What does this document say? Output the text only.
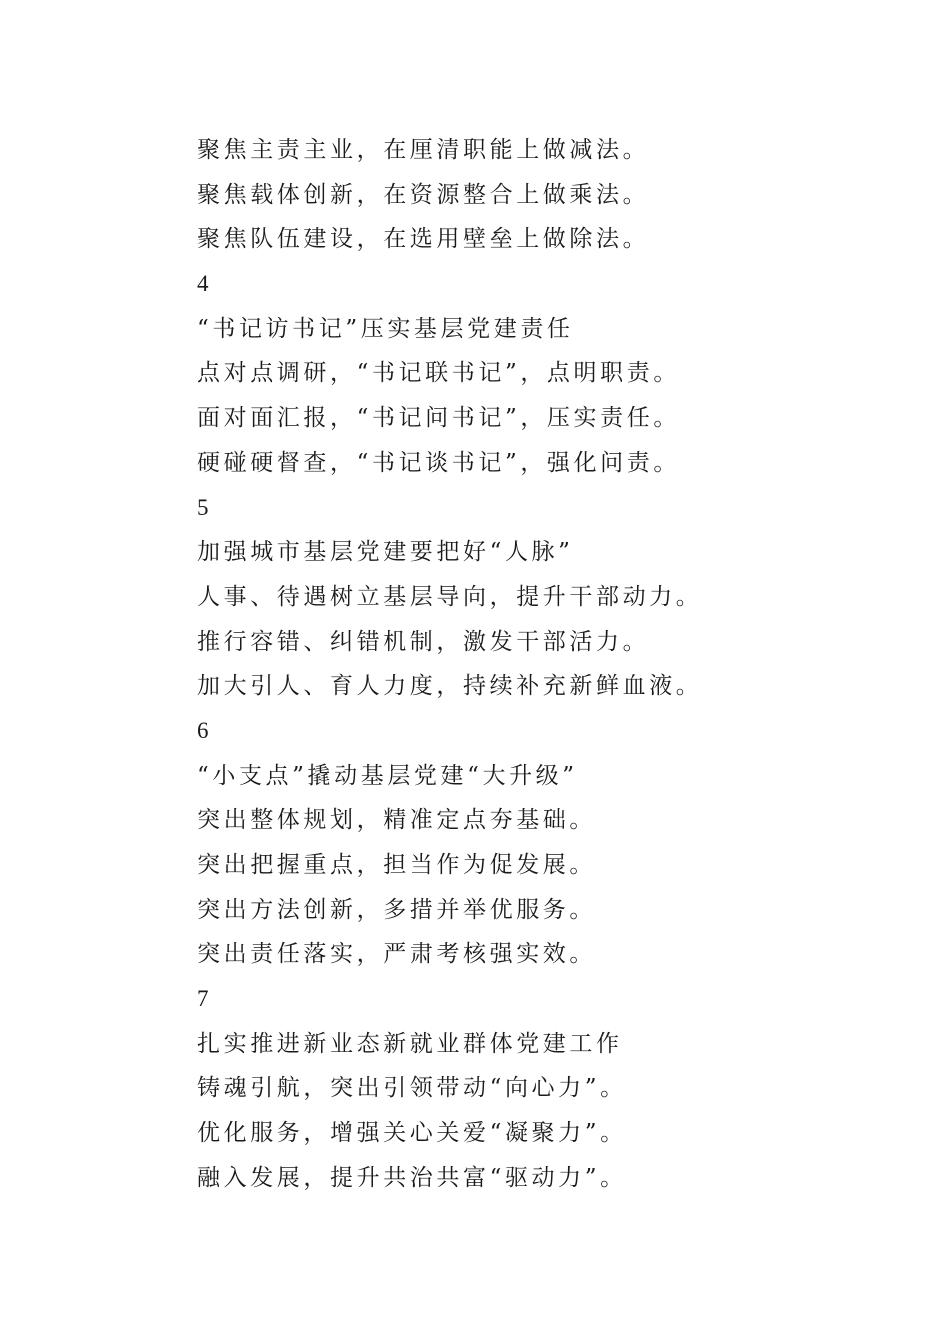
聚焦主责主业，在厘清职能上做减法。
聚焦载体创新，在资源整合上做乘法。
聚焦队伍建设，在选用壁垒上做除法。
4
“书记访书记”压实基层党建责任
点对点调研，“书记联书记”，点明职责。
面对面汇报，“书记问书记”，压实责任。
硬碰硬督查，“书记谈书记”，强化问责。
5
加强城市基层党建要把好“人脉”
人事、待遇树立基层导向，提升干部动力。
推行容错、纠错机制，激发干部活力。
加大引人、育人力度，持续补充新鲜血液。
6
“小支点”撬动基层党建“大升级”
突出整体规划，精准定点夯基础。
突出把握重点，担当作为促发展。
突出方法创新，多措并举优服务。
突出责任落实，严肃考核强实效。
7
扎实推进新业态新就业群体党建工作
铸魂引航，突出引领带动“向心力”。
优化服务，增强关心关爱“凝聚力”。
融入发展，提升共治共富“驱动力”。
